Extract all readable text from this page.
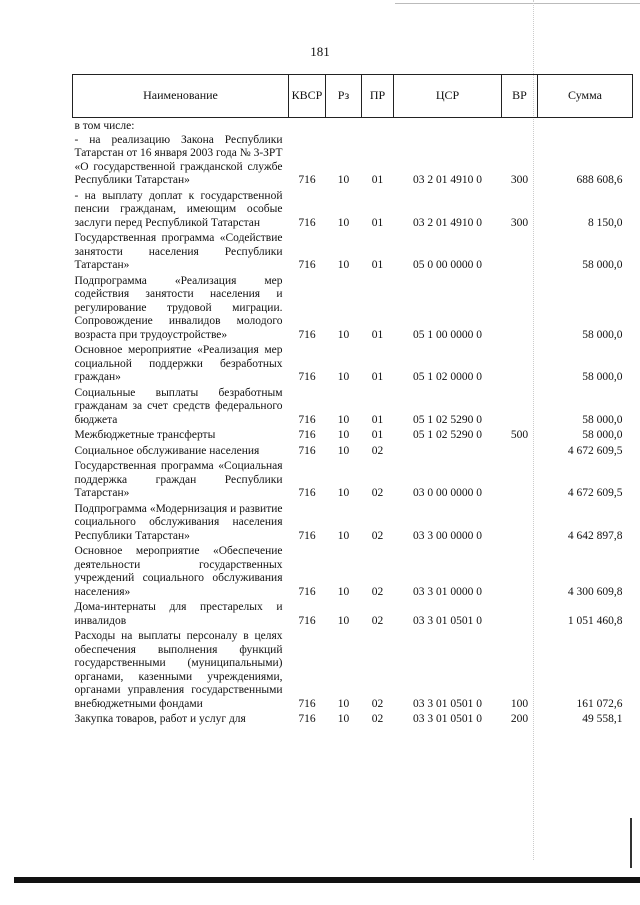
181
Наименование	КВСР	Рз	ПР	ЦСР	ВР	Сумма
в том числе:						
- на реализацию Закона Республики Татарстан от 16 января 2003 года № 3-ЗРТ «О государственной гражданской службе Республики Татарстан»	716	10	01	03 2 01 4910 0	300	688 608,6
- на выплату доплат к государственной пенсии гражданам, имеющим особые заслуги перед Республикой Татарстан	716	10	01	03 2 01 4910 0	300	8 150,0
Государственная программа «Содействие занятости населения Республики Татарстан»	716	10	01	05 0 00 0000 0		58 000,0
Подпрограмма «Реализация мер содействия занятости населения и регулирование трудовой миграции. Сопровождение инвалидов молодого возраста при трудоустройстве»	716	10	01	05 1 00 0000 0		58 000,0
Основное мероприятие «Реализация мер социальной поддержки безработных граждан»	716	10	01	05 1 02 0000 0		58 000,0
Социальные выплаты безработным гражданам за счет средств федерального бюджета	716	10	01	05 1 02 5290 0		58 000,0
Межбюджетные трансферты	716	10	01	05 1 02 5290 0	500	58 000,0
Социальное обслуживание населения	716	10	02			4 672 609,5
Государственная программа «Социальная поддержка граждан Республики Татарстан»	716	10	02	03 0 00 0000 0		4 672 609,5
Подпрограмма «Модернизация и развитие социального обслуживания населения Республики Татарстан»	716	10	02	03 3 00 0000 0		4 642 897,8
Основное мероприятие «Обеспечение деятельности государственных учреждений социального обслуживания населения»	716	10	02	03 3 01 0000 0		4 300 609,8
Дома-интернаты для престарелых и инвалидов	716	10	02	03 3 01 0501 0		1 051 460,8
Расходы на выплаты персоналу в целях обеспечения выполнения функций государственными (муниципальными) органами, казенными учреждениями, органами управления государственными внебюджетными фондами	716	10	02	03 3 01 0501 0	100	161 072,6
Закупка товаров, работ и услуг для	716	10	02	03 3 01 0501 0	200	49 558,1
